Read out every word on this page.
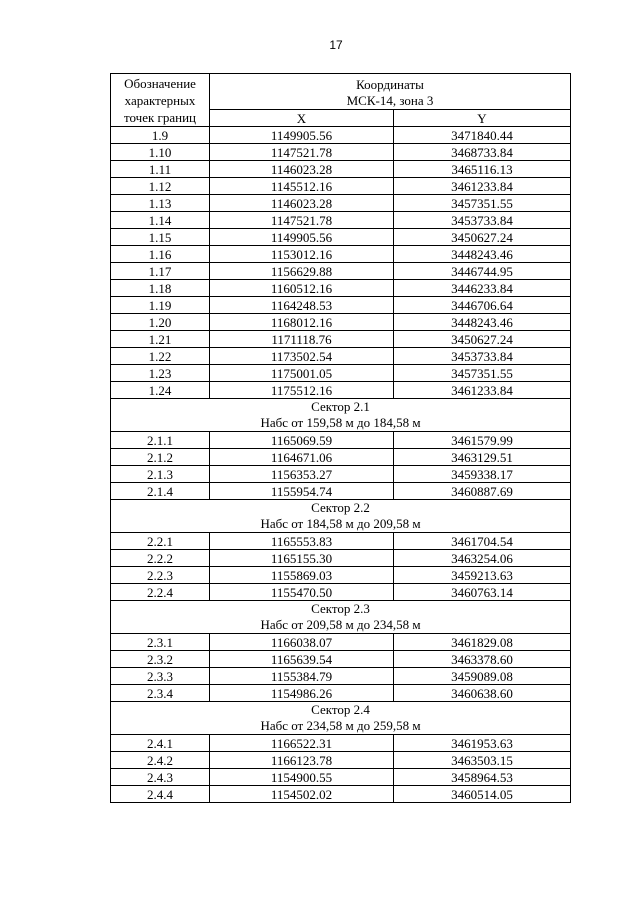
17
Обозначение
характерных
точек границ	Координаты
МСК-14, зона 3	
	X	Y
1.9	1149905.56	3471840.44
1.10	1147521.78	3468733.84
1.11	1146023.28	3465116.13
1.12	1145512.16	3461233.84
1.13	1146023.28	3457351.55
1.14	1147521.78	3453733.84
1.15	1149905.56	3450627.24
1.16	1153012.16	3448243.46
1.17	1156629.88	3446744.95
1.18	1160512.16	3446233.84
1.19	1164248.53	3446706.64
1.20	1168012.16	3448243.46
1.21	1171118.76	3450627.24
1.22	1173502.54	3453733.84
1.23	1175001.05	3457351.55
1.24	1175512.16	3461233.84
Сектор 2.1
Набс от 159,58 м до 184,58 м		
2.1.1	1165069.59	3461579.99
2.1.2	1164671.06	3463129.51
2.1.3	1156353.27	3459338.17
2.1.4	1155954.74	3460887.69
Сектор 2.2
Набс от 184,58 м до 209,58 м		
2.2.1	1165553.83	3461704.54
2.2.2	1165155.30	3463254.06
2.2.3	1155869.03	3459213.63
2.2.4	1155470.50	3460763.14
Сектор 2.3
Набс от 209,58 м до 234,58 м		
2.3.1	1166038.07	3461829.08
2.3.2	1165639.54	3463378.60
2.3.3	1155384.79	3459089.08
2.3.4	1154986.26	3460638.60
Сектор 2.4
Набс от 234,58 м до 259,58 м		
2.4.1	1166522.31	3461953.63
2.4.2	1166123.78	3463503.15
2.4.3	1154900.55	3458964.53
2.4.4	1154502.02	3460514.05
